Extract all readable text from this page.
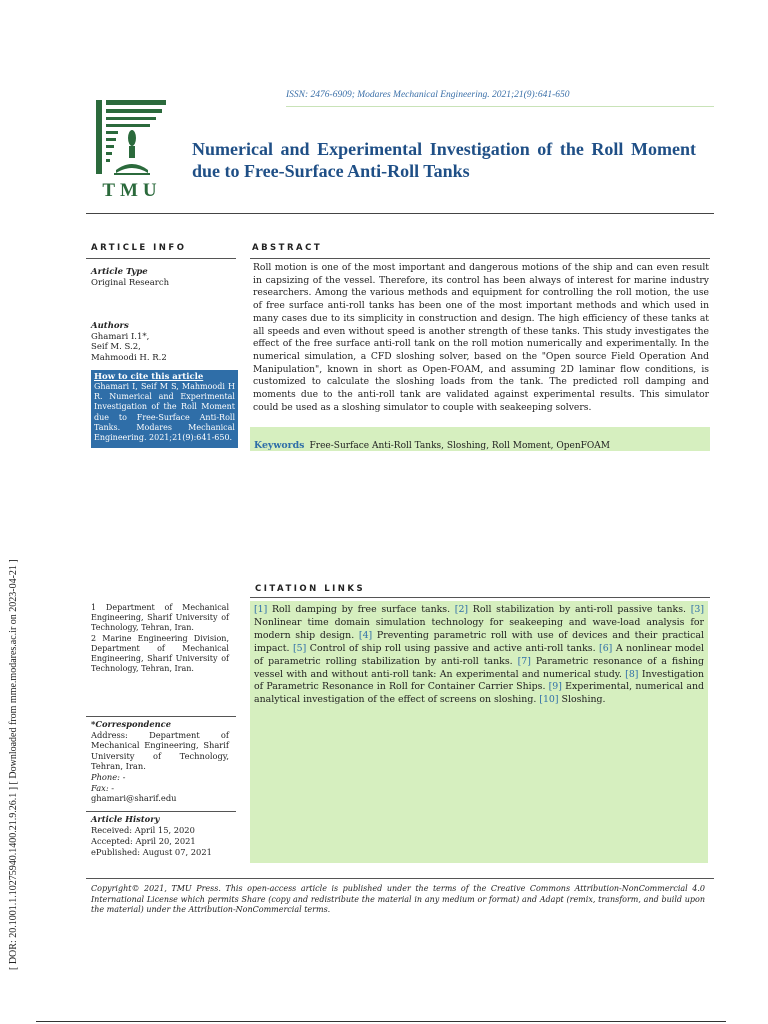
ISSN: 2476-6909; Modares Mechanical Engineering. 2021;21(9):641-650
TMU
Numerical and Experimental Investigation of the Roll Moment due to Free-Surface Anti-Roll Tanks
ARTICLE INFO
Article Type
Original Research
Authors
Ghamari I.1*,
Seif M. S.2,
Mahmoodi H. R.2
How to cite this article
Ghamari I, Seif M S, Mahmoodi H R. Numerical and Experimental Investigation of the Roll Moment due to Free-Surface Anti-Roll Tanks. Modares Mechanical Engineering. 2021;21(9):641-650.
ABSTRACT
Roll motion is one of the most important and dangerous motions of the ship and can even result in capsizing of the vessel. Therefore, its control has been always of interest for marine industry researchers. Among the various methods and equipment for controlling the roll motion, the use of free surface anti-roll tanks has been one of the most important methods and which used in many cases due to its simplicity in construction and design. The high efficiency of these tanks at all speeds and even without speed is another strength of these tanks. This study investigates the effect of the free surface anti-roll tank on the roll motion numerically and experimentally. In the numerical simulation, a CFD sloshing solver, based on the "Open source Field Operation And Manipulation", known in short as Open-FOAM, and assuming 2D laminar flow conditions, is customized to calculate the sloshing loads from the tank. The predicted roll damping and moments due to the anti-roll tank are validated against experimental results. This simulator could be used as a sloshing simulator to couple with seakeeping solvers.
Keywords Free-Surface Anti-Roll Tanks, Sloshing, Roll Moment, OpenFOAM
CITATION LINKS
[1] Roll damping by free surface tanks. [2] Roll stabilization by anti-roll passive tanks. [3] Nonlinear time domain simulation technology for seakeeping and wave-load analysis for modern ship design. [4] Preventing parametric roll with use of devices and their practical impact. [5] Control of ship roll using passive and active anti-roll tanks. [6] A nonlinear model of parametric rolling stabilization by anti-roll tanks. [7] Parametric resonance of a fishing vessel with and without anti-roll tank: An experimental and numerical study. [8] Investigation of Parametric Resonance in Roll for Container Carrier Ships. [9] Experimental, numerical and analytical investigation of the effect of screens on sloshing. [10] Sloshing.
1 Department of Mechanical Engineering, Sharif University of Technology, Tehran, Iran.
2 Marine Engineering Division, Department of Mechanical Engineering, Sharif University of Technology, Tehran, Iran.
*Correspondence
Address: Department of Mechanical Engineering, Sharif University of Technology, Tehran, Iran.
Phone: -
Fax: -
ghamari@sharif.edu
Article History
Received: April 15, 2020
Accepted: April 20, 2021
ePublished: August 07, 2021
Copyright© 2021, TMU Press. This open-access article is published under the terms of the Creative Commons Attribution-NonCommercial 4.0 International License which permits Share (copy and redistribute the material in any medium or format) and Adapt (remix, transform, and build upon the material) under the Attribution-NonCommercial terms.
[ DOR: 20.1001.1.10275940.1400.21.9.26.1 ] [ Downloaded from mme.modares.ac.ir on 2023-04-21 ]
